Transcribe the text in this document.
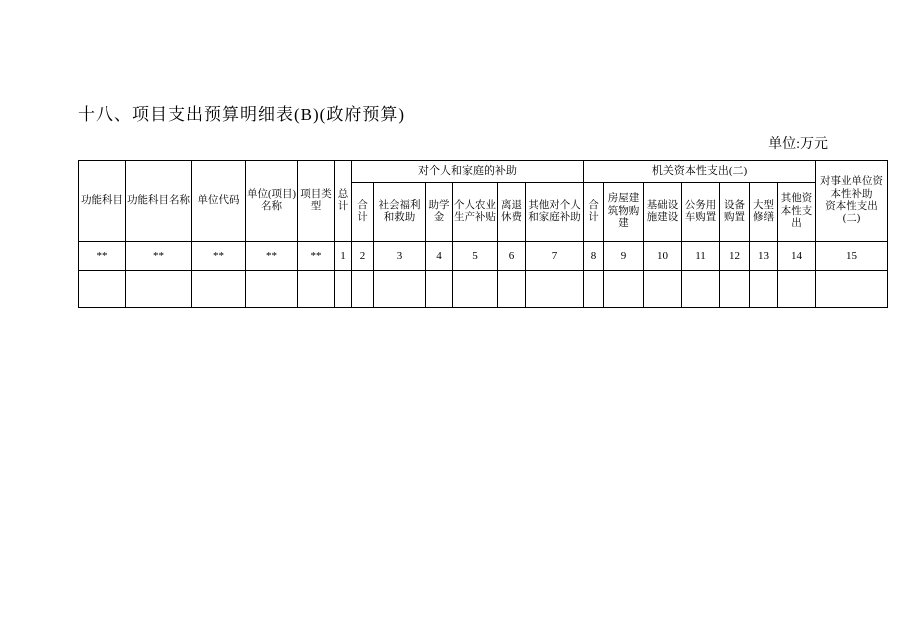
十八、项目支出预算明细表(B)(政府预算)
单位:万元
功能科目	功能科目名称	单位代码	单位(项目)名称	项目类型	总计	对个人和家庭的补助						机关资本性支出(二)							对事业单位资本性补助
资本性支出(二)

						合计	社会福利和救助	助学金	个人农业生产补贴	离退休费	其他对个人和家庭补助	合计	房屋建筑物购建	基础设施建设	公务用车购置	设备购置	大型修缮	其他资本性支出	
**	**	**	**	**	1	2	3	4	5	6	7	8	9	10	11	12	13	14	15
